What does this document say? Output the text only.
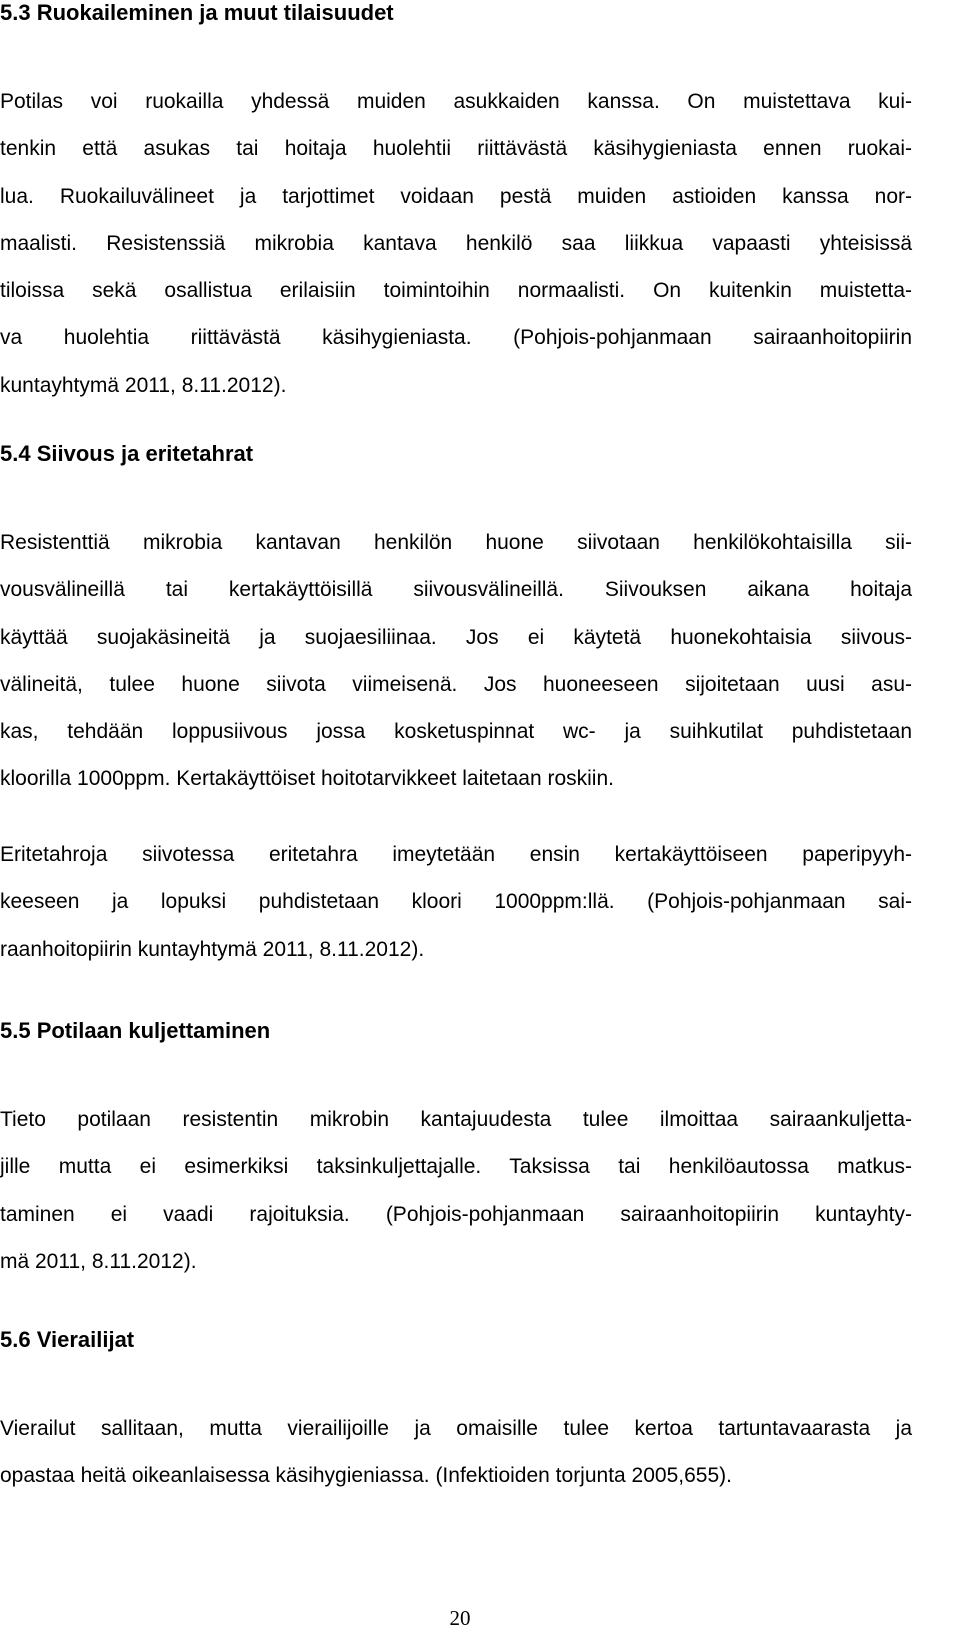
5.3 Ruokaileminen ja muut tilaisuudet
Potilas voi ruokailla yhdessä muiden asukkaiden kanssa. On muistettava kui-
tenkin että asukas tai hoitaja huolehtii riittävästä käsihygieniasta ennen ruokai-
lua. Ruokailuvälineet ja tarjottimet voidaan pestä muiden astioiden kanssa nor-
maalisti. Resistenssiä mikrobia kantava henkilö saa liikkua vapaasti yhteisissä
tiloissa sekä osallistua erilaisiin toimintoihin normaalisti. On kuitenkin muistetta-
va huolehtia riittävästä käsihygieniasta. (Pohjois-pohjanmaan sairaanhoitopiirin
kuntayhtymä 2011, 8.11.2012).
5.4 Siivous ja eritetahrat
Resistenttiä mikrobia kantavan henkilön huone siivotaan henkilökohtaisilla sii-
vousvälineillä tai kertakäyttöisillä siivousvälineillä. Siivouksen aikana hoitaja
käyttää suojakäsineitä ja suojaesiliinaa. Jos ei käytetä huonekohtaisia siivous-
välineitä, tulee huone siivota viimeisenä. Jos huoneeseen sijoitetaan uusi asu-
kas, tehdään loppusiivous jossa kosketuspinnat wc- ja suihkutilat puhdistetaan
kloorilla 1000ppm. Kertakäyttöiset hoitotarvikkeet laitetaan roskiin.
Eritetahroja siivotessa eritetahra imeytetään ensin kertakäyttöiseen paperipyyh-
keeseen ja lopuksi puhdistetaan kloori 1000ppm:llä. (Pohjois-pohjanmaan sai-
raanhoitopiirin kuntayhtymä 2011, 8.11.2012).
5.5 Potilaan kuljettaminen
Tieto potilaan resistentin mikrobin kantajuudesta tulee ilmoittaa sairaankuljetta-
jille mutta ei esimerkiksi taksinkuljettajalle. Taksissa tai henkilöautossa matkus-
taminen ei vaadi rajoituksia. (Pohjois-pohjanmaan sairaanhoitopiirin kuntayhty-
mä 2011, 8.11.2012).
5.6 Vierailijat
Vierailut sallitaan, mutta vierailijoille ja omaisille tulee kertoa tartuntavaarasta ja
opastaa heitä oikeanlaisessa käsihygieniassa. (Infektioiden torjunta 2005,655).
20
